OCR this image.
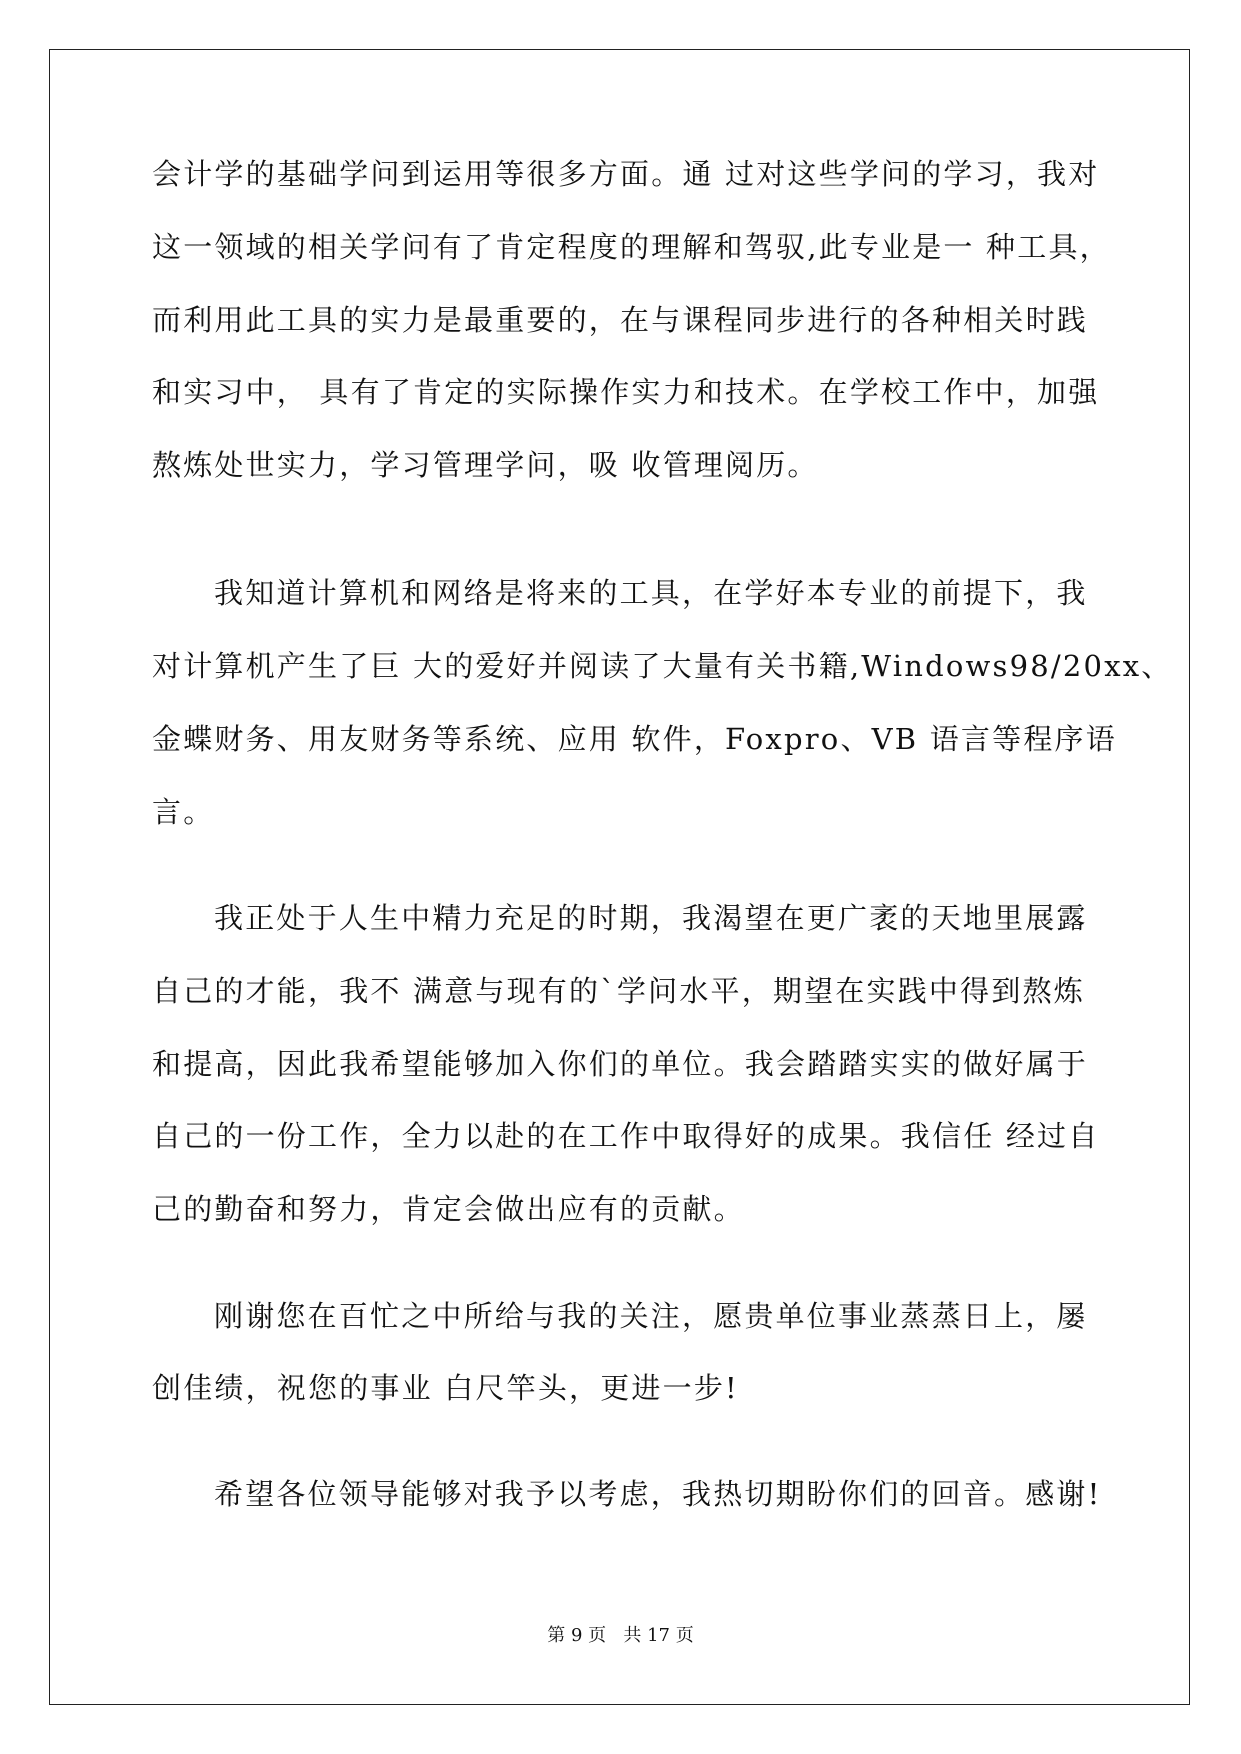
会计学的基础学问到运用等很多方面。通 过对这些学问的学习，我对
这一领域的相关学问有了肯定程度的理解和驾驭,此专业是一 种工具，
而利用此工具的实力是最重要的，在与课程同步进行的各种相关时践
和实习中， 具有了肯定的实际操作实力和技术。在学校工作中，加强
熬炼处世实力，学习管理学问，吸 收管理阅历。
我知道计算机和网络是将来的工具，在学好本专业的前提下，我
对计算机产生了巨 大的爱好并阅读了大量有关书籍,Windows98/20xx、
金蝶财务、用友财务等系统、应用 软件，Foxpro、VB 语言等程序语
言。
我正处于人生中精力充足的时期，我渴望在更广袤的天地里展露
自己的才能，我不 满意与现有的`学问水平，期望在实践中得到熬炼
和提高，因此我希望能够加入你们的单位。我会踏踏实实的做好属于
自己的一份工作，全力以赴的在工作中取得好的成果。我信任 经过自
己的勤奋和努力，肯定会做出应有的贡献。
刚谢您在百忙之中所给与我的关注，愿贵单位事业蒸蒸日上，屡
创佳绩，祝您的事业 白尺竿头，更进一步!
希望各位领导能够对我予以考虑，我热切期盼你们的回音。感谢!
第 9 页   共 17 页
